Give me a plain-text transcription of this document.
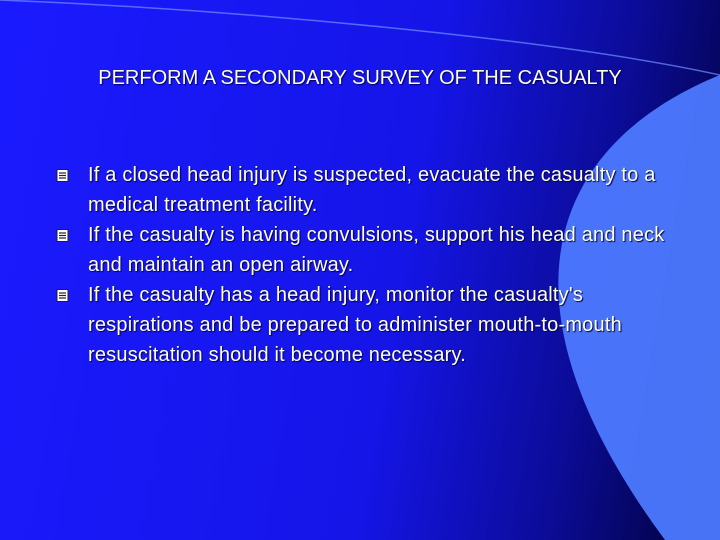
PERFORM A SECONDARY SURVEY OF THE CASUALTY
If a closed head injury is suspected, evacuate the casualty to a medical treatment facility.
If the casualty is having convulsions, support his head and neck and maintain an open airway.
If the casualty has a head injury, monitor the casualty's respirations and be prepared to administer mouth-to-mouth resuscitation should it become necessary.
